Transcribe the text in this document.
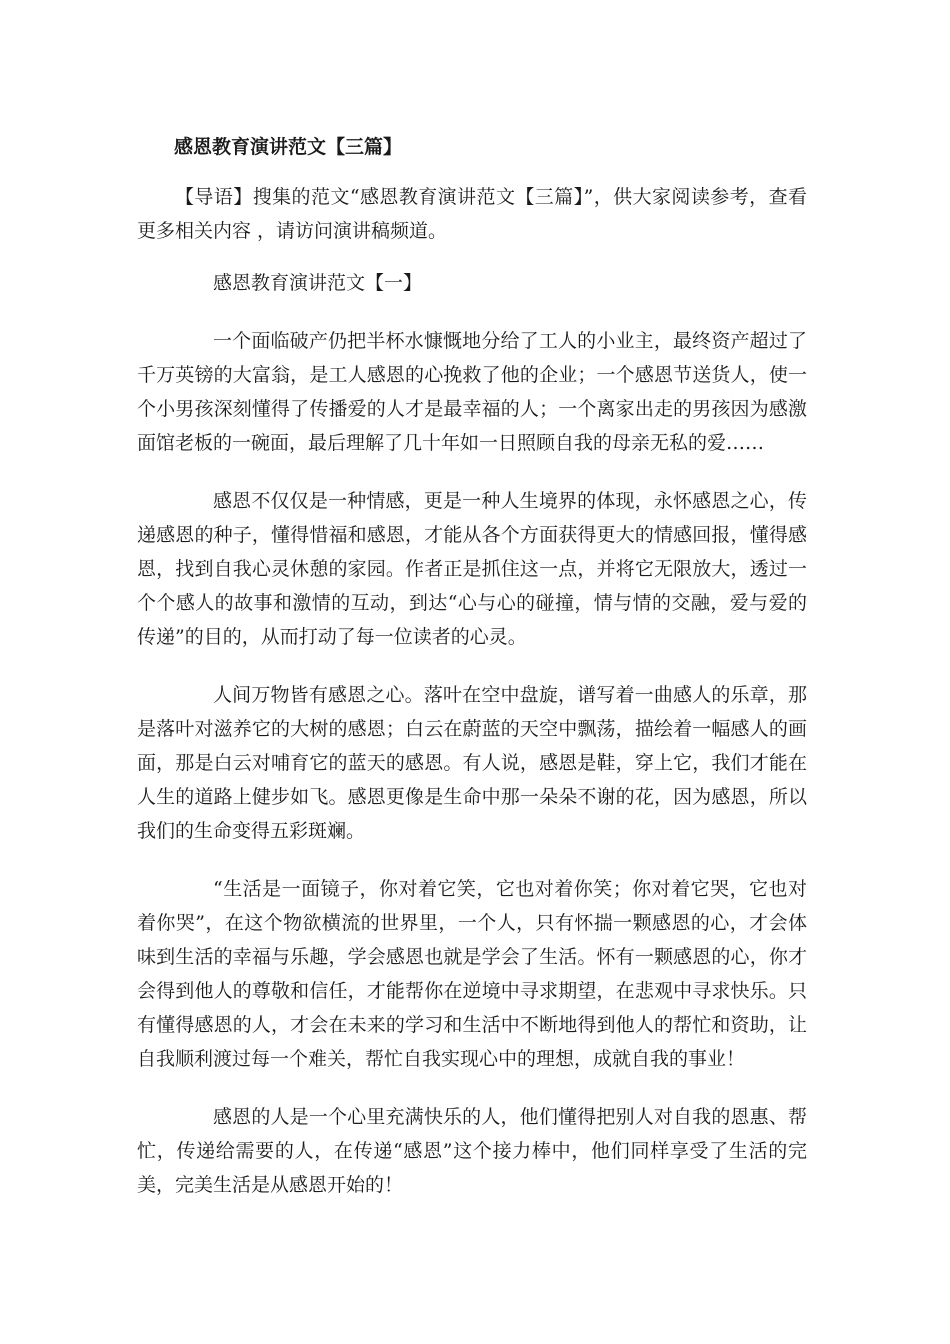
感恩教育演讲范文【三篇】

【导语】搜集的范文“感恩教育演讲范文【三篇】”，供大家阅读参考，查看更多相关内容 ，请访问演讲稿频道。

感恩教育演讲范文【一】

一个面临破产仍把半杯水慷慨地分给了工人的小业主，最终资产超过了千万英镑的大富翁，是工人感恩的心挽救了他的企业；一个感恩节送货人，使一个小男孩深刻懂得了传播爱的人才是最幸福的人；一个离家出走的男孩因为感激面馆老板的一碗面，最后理解了几十年如一日照顾自我的母亲无私的爱……

感恩不仅仅是一种情感，更是一种人生境界的体现，永怀感恩之心，传递感恩的种子，懂得惜福和感恩，才能从各个方面获得更大的情感回报，懂得感恩，找到自我心灵休憩的家园。作者正是抓住这一点，并将它无限放大，透过一个个感人的故事和激情的互动，到达“心与心的碰撞，情与情的交融，爱与爱的传递”的目的，从而打动了每一位读者的心灵。

人间万物皆有感恩之心。落叶在空中盘旋，谱写着一曲感人的乐章，那是落叶对滋养它的大树的感恩；白云在蔚蓝的天空中飘荡，描绘着一幅感人的画面，那是白云对哺育它的蓝天的感恩。有人说，感恩是鞋，穿上它，我们才能在人生的道路上健步如飞。感恩更像是生命中那一朵朵不谢的花，因为感恩，所以我们的生命变得五彩斑斓。

“生活是一面镜子，你对着它笑，它也对着你笑；你对着它哭，它也对着你哭”，在这个物欲横流的世界里，一个人，只有怀揣一颗感恩的心，才会体味到生活的幸福与乐趣，学会感恩也就是学会了生活。怀有一颗感恩的心，你才会得到他人的尊敬和信任，才能帮你在逆境中寻求期望，在悲观中寻求快乐。只有懂得感恩的人，才会在未来的学习和生活中不断地得到他人的帮忙和资助，让自我顺利渡过每一个难关，帮忙自我实现心中的理想，成就自我的事业！

感恩的人是一个心里充满快乐的人，他们懂得把别人对自我的恩惠、帮忙，传递给需要的人，在传递“感恩”这个接力棒中，他们同样享受了生活的完美，完美生活是从感恩开始的！
